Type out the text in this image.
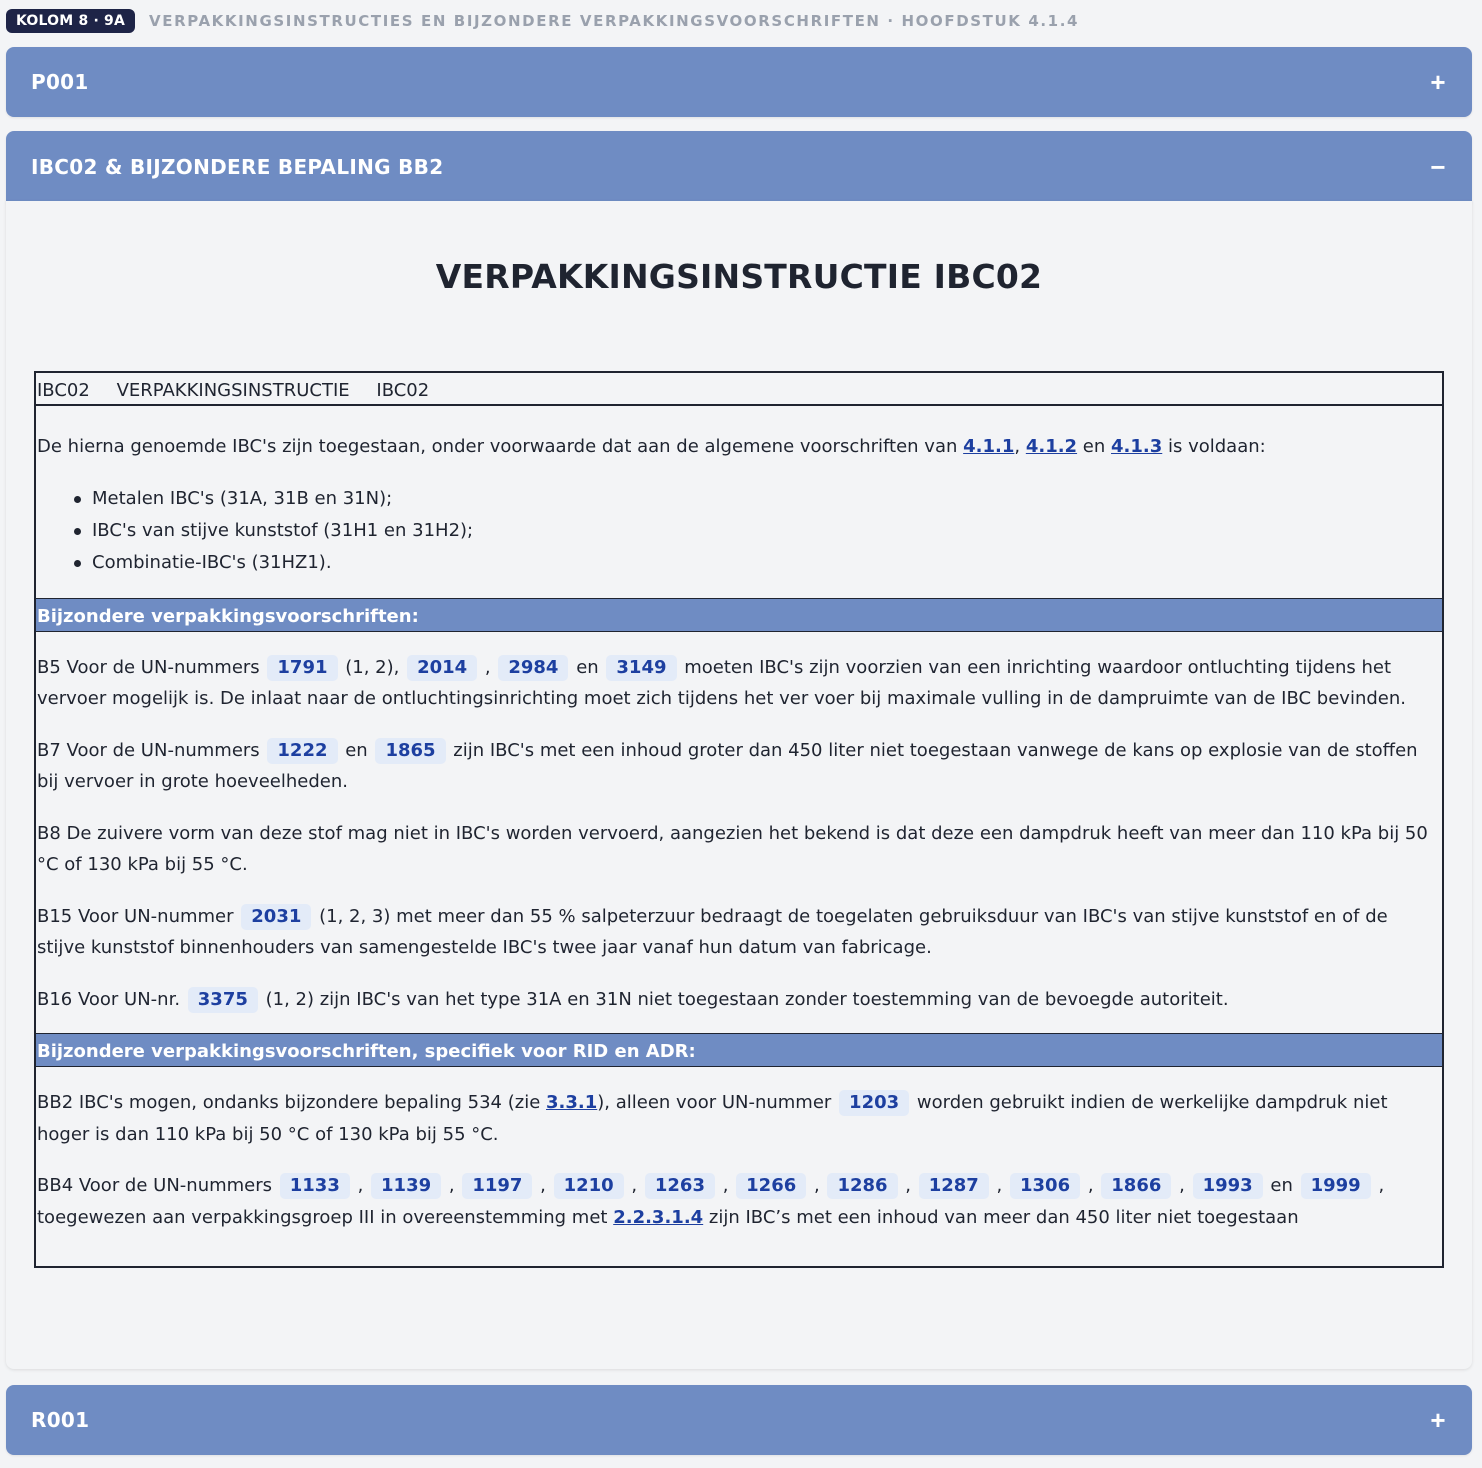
KOLOM 8 · 9A	VERPAKKINGSINSTRUCTIES EN BIJZONDERE VERPAKKINGSVOORSCHRIFTEN · HOOFDSTUK 4.1.4
P001	+
IBC02 & BIJZONDERE BEPALING BB2	−
VERPAKKINGSINSTRUCTIE IBC02
IBC02 VERPAKKINGSINSTRUCTIE IBC02
De hierna genoemde IBC's zijn toegestaan, onder voorwaarde dat aan de algemene voorschriften van 4.1.1, 4.1.2 en 4.1.3 is voldaan:
Metalen IBC's (31A, 31B en 31N);
IBC's van stijve kunststof (31H1 en 31H2);
Combinatie-IBC's (31HZ1).
Bijzondere verpakkingsvoorschriften:
B5 Voor de UN-nummers 1791 (1, 2), 2014 , 2984 en 3149 moeten IBC's zijn voorzien van een inrichting waardoor ontluchting tijdens het vervoer mogelijk is. De inlaat naar de ontluchtingsinrichting moet zich tijdens het ver voer bij maximale vulling in de dampruimte van de IBC bevinden.
B7 Voor de UN-nummers 1222 en 1865 zijn IBC's met een inhoud groter dan 450 liter niet toegestaan vanwege de kans op explosie van de stoffen bij vervoer in grote hoeveelheden.
B8 De zuivere vorm van deze stof mag niet in IBC's worden vervoerd, aangezien het bekend is dat deze een dampdruk heeft van meer dan 110 kPa bij 50 °C of 130 kPa bij 55 °C.
B15 Voor UN-nummer 2031 (1, 2, 3) met meer dan 55 % salpeterzuur bedraagt de toegelaten gebruiksduur van IBC's van stijve kunststof en of de stijve kunststof binnenhouders van samengestelde IBC's twee jaar vanaf hun datum van fabricage.
B16 Voor UN-nr. 3375 (1, 2) zijn IBC's van het type 31A en 31N niet toegestaan zonder toestemming van de bevoegde autoriteit.
Bijzondere verpakkingsvoorschriften, specifiek voor RID en ADR:
BB2 IBC's mogen, ondanks bijzondere bepaling 534 (zie 3.3.1), alleen voor UN-nummer 1203 worden gebruikt indien de werkelijke dampdruk niet hoger is dan 110 kPa bij 50 °C of 130 kPa bij 55 °C.
BB4 Voor de UN-nummers 1133 , 1139 , 1197 , 1210 , 1263 , 1266 , 1286 , 1287 , 1306 , 1866 , 1993 en 1999 , toegewezen aan verpakkingsgroep III in overeenstemming met 2.2.3.1.4 zijn IBC’s met een inhoud van meer dan 450 liter niet toegestaan
R001	+
